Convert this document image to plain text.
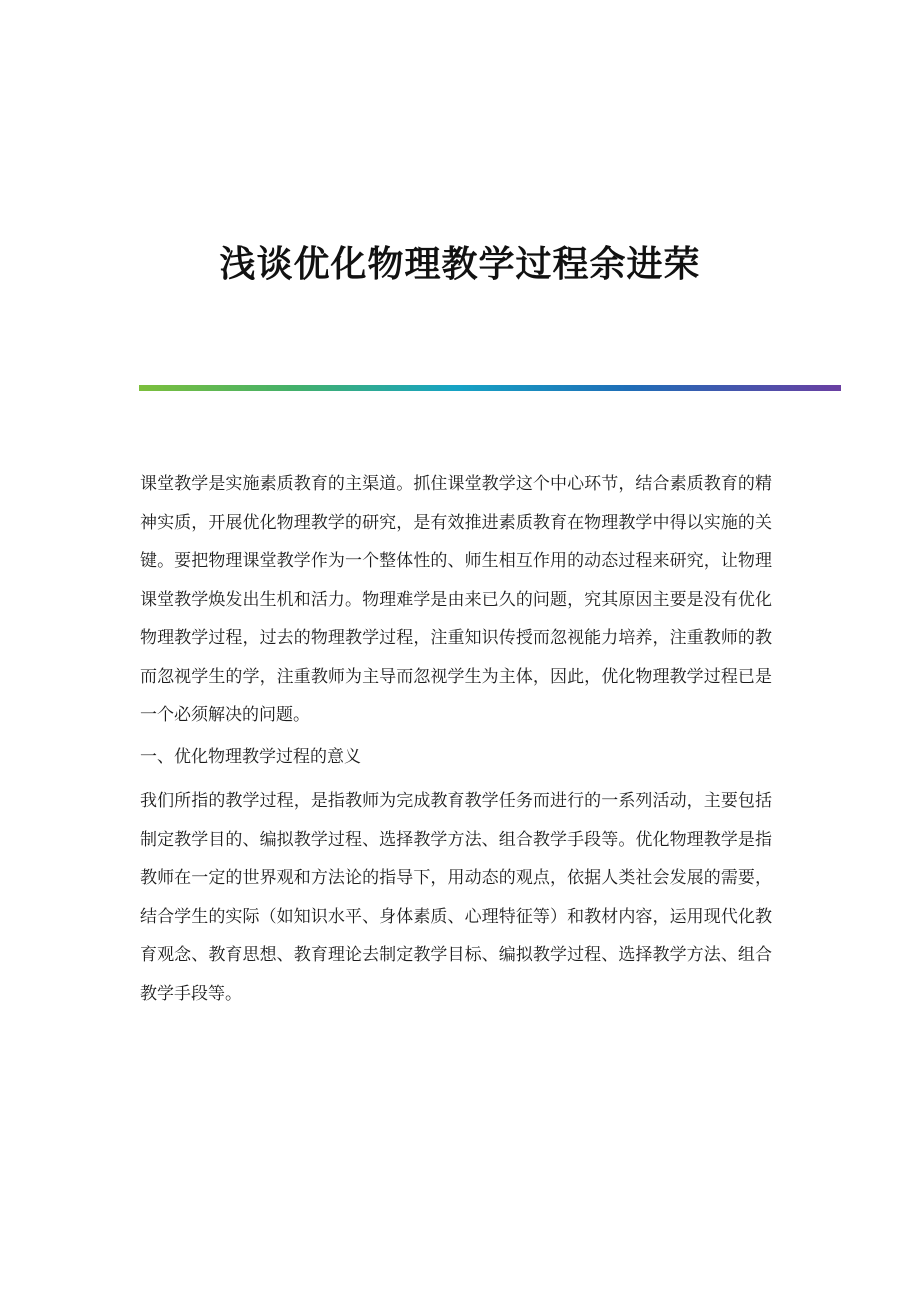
浅谈优化物理教学过程余进荣

课堂教学是实施素质教育的主渠道。抓住课堂教学这个中心环节，结合素质教育的精神实质，开展优化物理教学的研究，是有效推进素质教育在物理教学中得以实施的关键。要把物理课堂教学作为一个整体性的、师生相互作用的动态过程来研究，让物理课堂教学焕发出生机和活力。物理难学是由来已久的问题，究其原因主要是没有优化物理教学过程，过去的物理教学过程，注重知识传授而忽视能力培养，注重教师的教而忽视学生的学，注重教师为主导而忽视学生为主体，因此，优化物理教学过程已是一个必须解决的问题。

一、优化物理教学过程的意义

我们所指的教学过程，是指教师为完成教育教学任务而进行的一系列活动，主要包括制定教学目的、编拟教学过程、选择教学方法、组合教学手段等。优化物理教学是指教师在一定的世界观和方法论的指导下，用动态的观点，依据人类社会发展的需要，结合学生的实际（如知识水平、身体素质、心理特征等）和教材内容，运用现代化教育观念、教育思想、教育理论去制定教学目标、编拟教学过程、选择教学方法、组合教学手段等。
